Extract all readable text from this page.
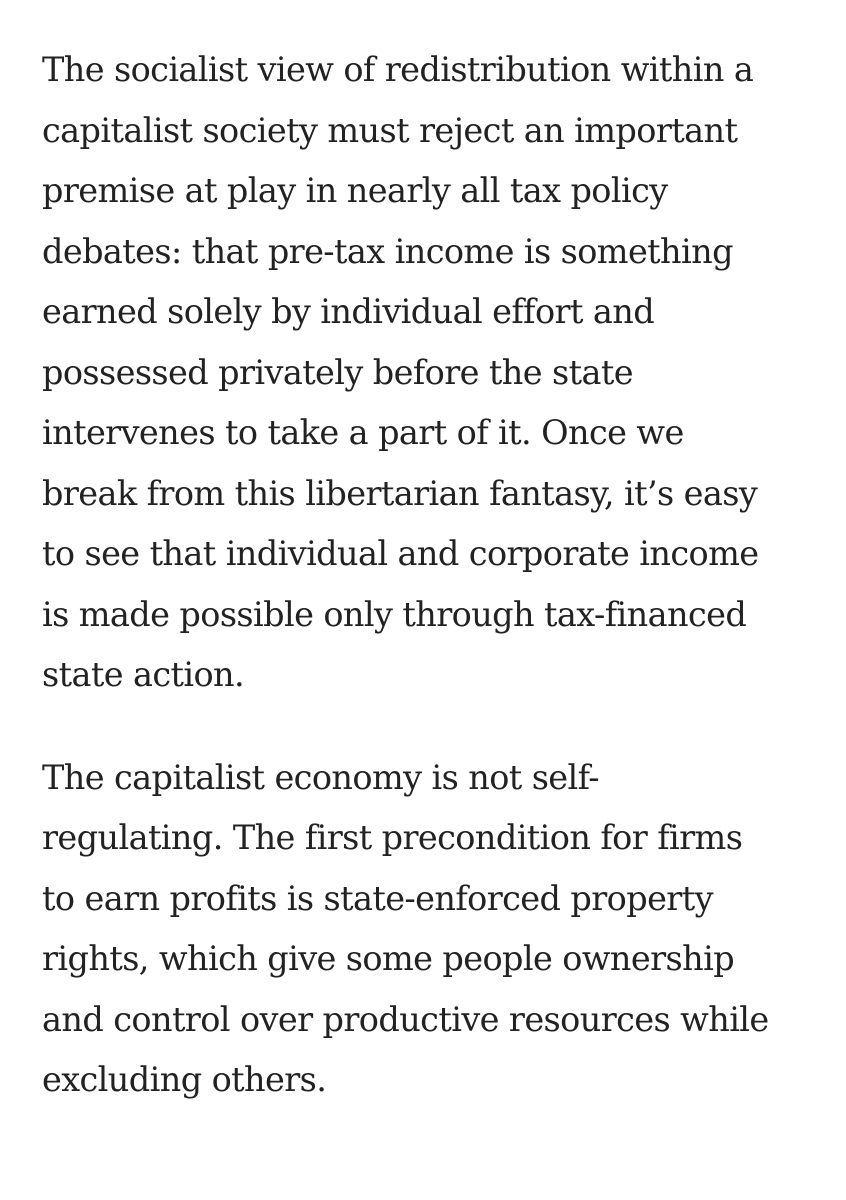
The socialist view of redistribution within a
capitalist society must reject an important
premise at play in nearly all tax policy
debates: that pre-tax income is something
earned solely by individual effort and
possessed privately before the state
intervenes to take a part of it. Once we
break from this libertarian fantasy, it’s easy
to see that individual and corporate income
is made possible only through tax-financed
state action.

The capitalist economy is not self-
regulating. The first precondition for firms
to earn profits is state-enforced property
rights, which give some people ownership
and control over productive resources while
excluding others.
